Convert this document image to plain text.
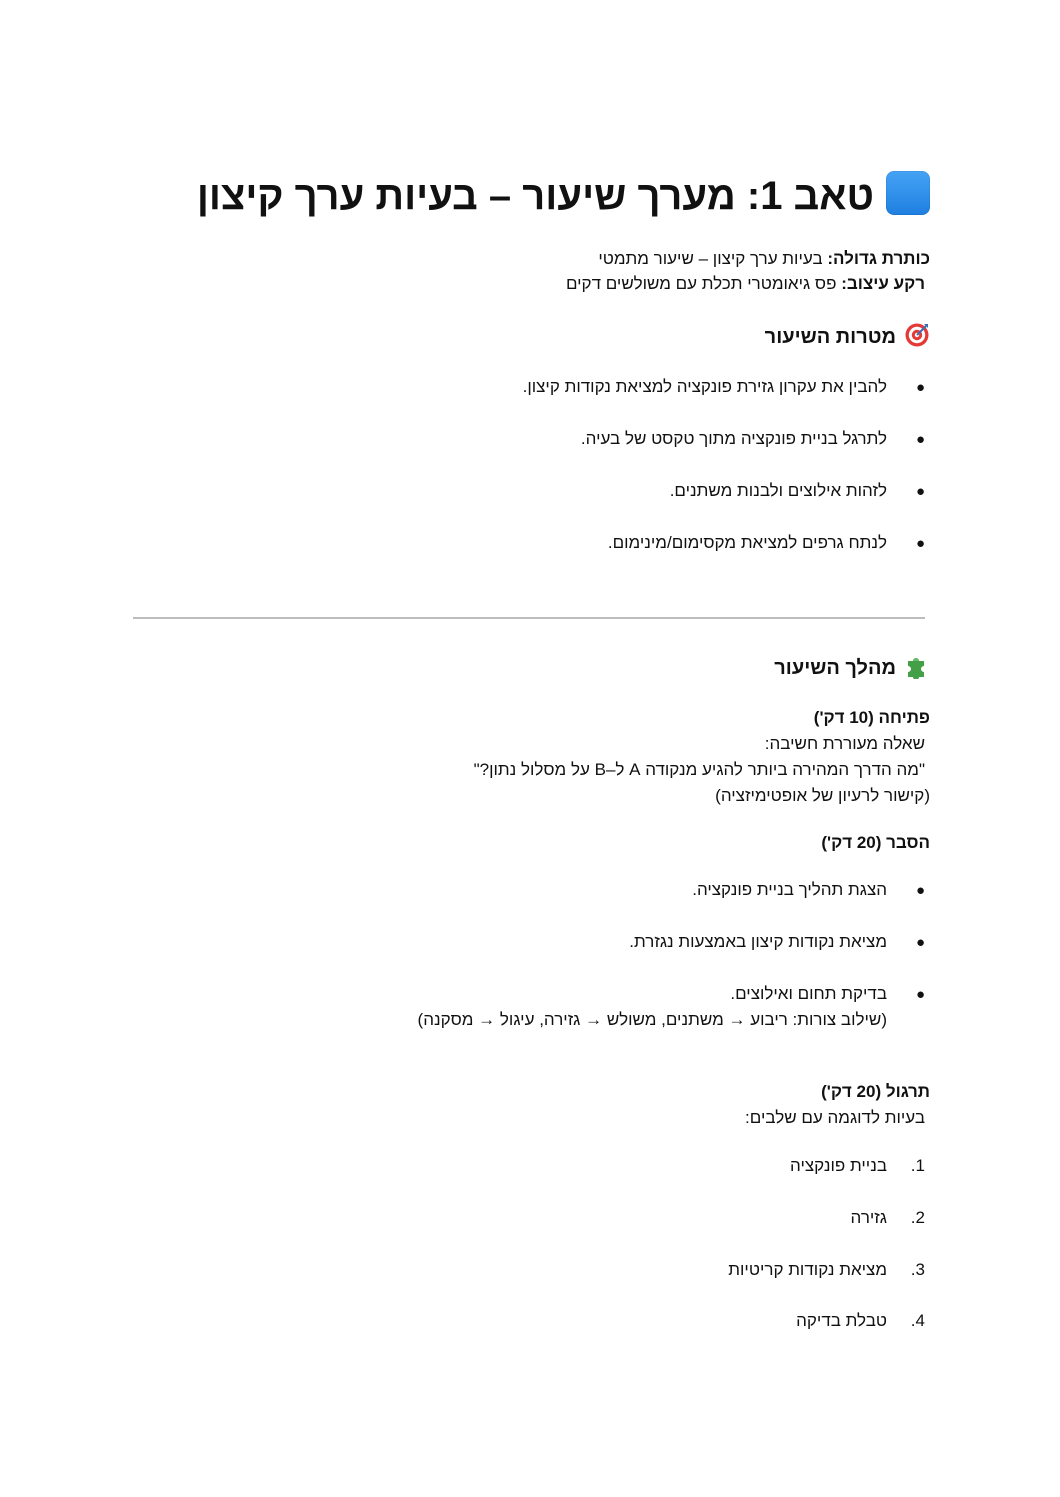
טאב 1: מערך שיעור – בעיות ערך קיצון
כותרת גדולה: בעיות ערך קיצון – שיעור מתמטי
רקע עיצוב: פס גיאומטרי תכלת עם משולשים דקים
מטרות השיעור
●להבין את עקרון גזירת פונקציה למציאת נקודות קיצון.
●לתרגל בניית פונקציה מתוך טקסט של בעיה.
●לזהות אילוצים ולבנות משתנים.
●לנתח גרפים למציאת מקסימום/מינימום.
מהלך השיעור
פתיחה (10 דק')
שאלה מעוררת חשיבה:
"מה הדרך המהירה ביותר להגיע מנקודה A ל–B על מסלול נתון?"
(קישור לרעיון של אופטימיזציה)
הסבר (20 דק')
●הצגת תהליך בניית פונקציה.
●מציאת נקודות קיצון באמצעות נגזרת.
●בדיקת תחום ואילוצים.
(שילוב צורות: ריבוע → משתנים, משולש → גזירה, עיגול → מסקנה)
תרגול (20 דק')
בעיות לדוגמה עם שלבים:
1.בניית פונקציה
2.גזירה
3.מציאת נקודות קריטיות
4.טבלת בדיקה
